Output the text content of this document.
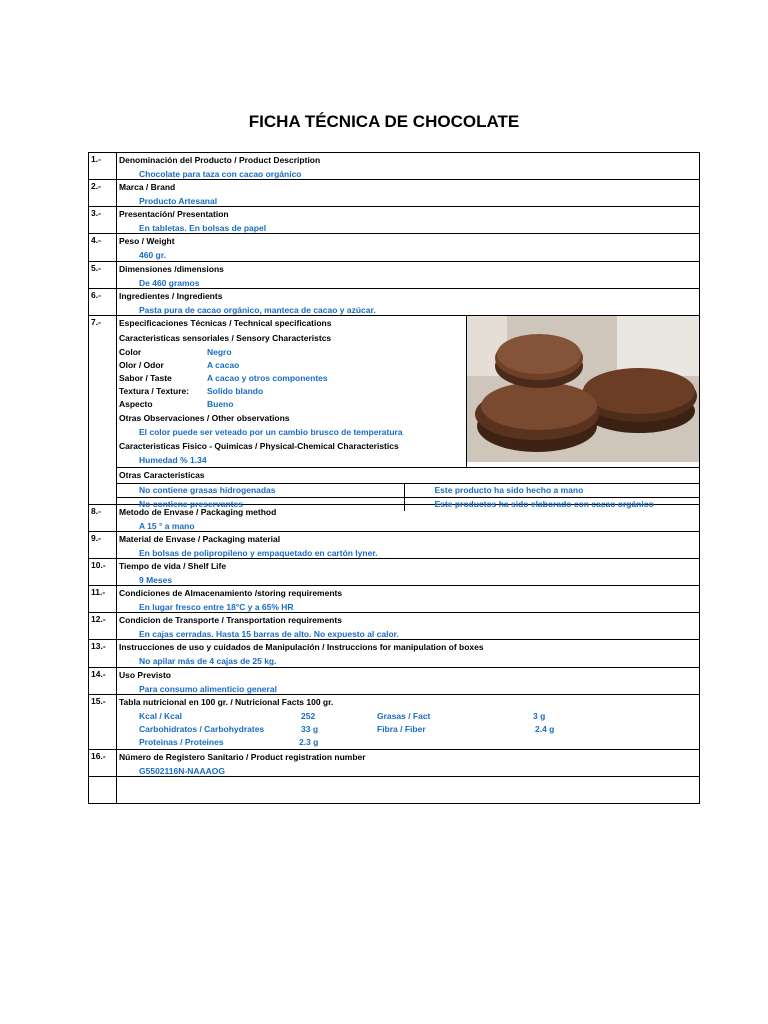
FICHA TÉCNICA DE CHOCOLATE
1.-	Denominación del Producto / Product Description
Chocolate para taza con cacao orgánico
2.-	Marca / Brand
Producto Artesanal
3.-	Presentación/ Presentation
En tabletas. En bolsas de papel
4.-	Peso / Weight
460 gr.
5.-	Dimensiones /dimensions
De 460 gramos
6.-	Ingredientes / Ingredients
Pasta pura de cacao orgánico, manteca de cacao y azúcar.
7.-	Especificaciones Técnicas / Technical specifications
Caracteristicas sensoriales / Sensory Characteristcs
Color	Negro
Olor / Odor	A cacao
Sabor / Taste	A cacao y otros componentes
Textura / Texture:	Solido blando
Aspecto	Bueno
Otras Observaciones / Other observations
El color puede ser veteado por un cambio brusco de temperatura
Caracteristicas Fisico - Quimicas / Physical-Chemical Characteristics
Humedad % 1.34
Otras Caracteristicas
No contiene grasas hidrogenadas	Este producto ha sido hecho a mano
No contiene preservantes	Este productos ha sido elaborado con cacao orgánico
8.-	Metodo de Envase / Packaging method
A 15 ° a mano
9.-	Material de Envase / Packaging material
En bolsas de polipropileno y empaquetado en cartón lyner.
10.-	Tiempo de vida / Shelf Life
9 Meses
11.-	Condiciones de Almacenamiento /storing requirements
En lugar fresco entre 18°C y a 65% HR
12.-	Condicion de Transporte / Transportation requirements
En cajas cerradas. Hasta 15 barras de alto. No expuesto al calor.
13.-	Instrucciones de uso y cuidados de Manipulación / Instruccions for manipulation of boxes
No apilar más de 4 cajas de 25 kg.
14.-	Uso Previsto
Para consumo alimenticio general
15.-	Tabla nutricional en 100 gr. / Nutricional Facts 100 gr.
Kcal / Kcal	252	Grasas / Fact	3 g
Carbohidratos / Carbohydrates	33 g	Fibra / Fiber	2.4 g
Proteinas / Proteines	2.3 g
16.-	Número de Registero Sanitario / Product registration number
G5502116N-NAAAOG
